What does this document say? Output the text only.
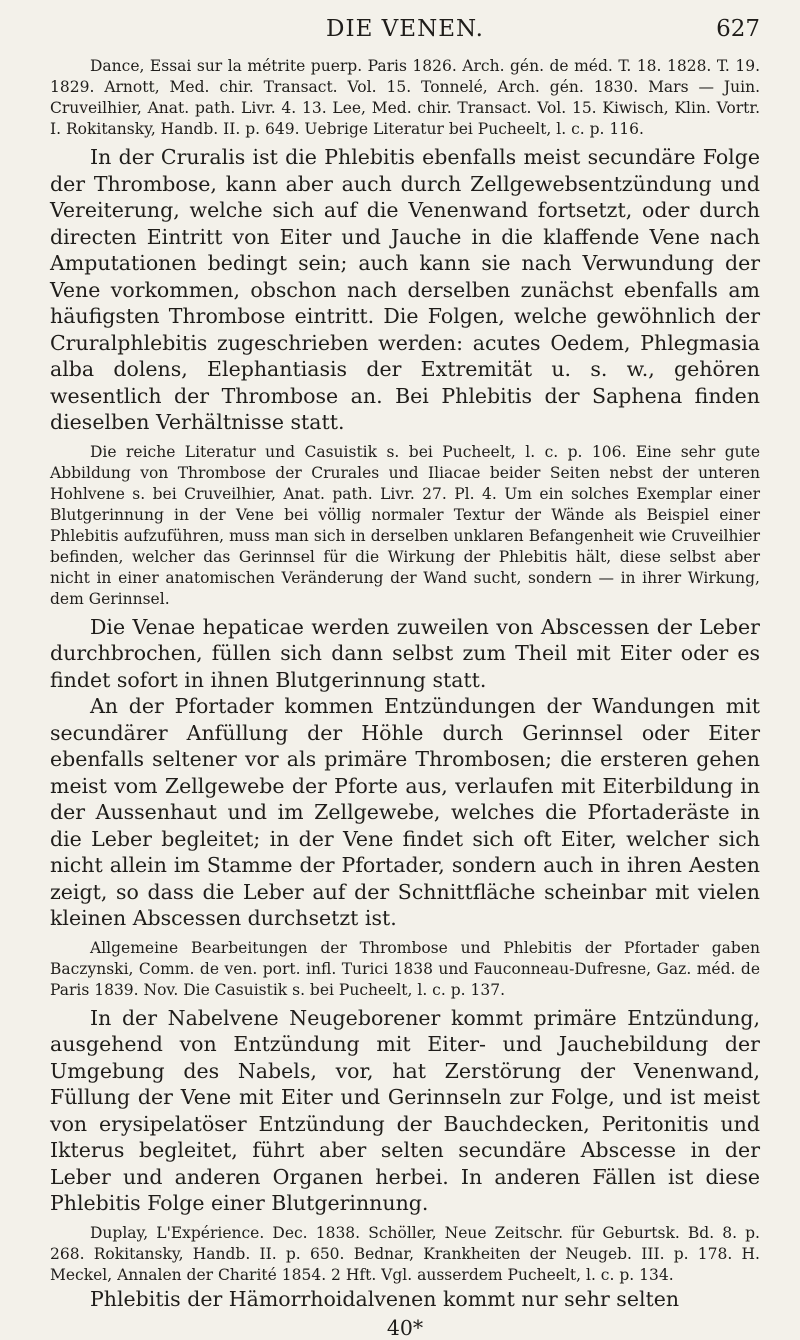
DIE VENEN.	627

Dance, Essai sur la métrite puerp. Paris 1826. Arch. gén. de méd. T. 18. 1828. T. 19. 1829. Arnott, Med. chir. Transact. Vol. 15. Tonnelé, Arch. gén. 1830. Mars — Juin. Cruveilhier, Anat. path. Livr. 4. 13. Lee, Med. chir. Transact. Vol. 15. Kiwisch, Klin. Vortr. I. Rokitansky, Handb. II. p. 649. Uebrige Literatur bei Pucheelt, l. c. p. 116.

In der Cruralis ist die Phlebitis ebenfalls meist secundäre Folge der Thrombose, kann aber auch durch Zellgewebsentzündung und Vereiterung, welche sich auf die Venenwand fortsetzt, oder durch directen Eintritt von Eiter und Jauche in die klaffende Vene nach Amputationen bedingt sein; auch kann sie nach Verwundung der Vene vorkommen, obschon nach derselben zunächst ebenfalls am häufigsten Thrombose eintritt. Die Folgen, welche gewöhnlich der Cruralphlebitis zugeschrieben werden: acutes Oedem, Phlegmasia alba dolens, Elephantiasis der Extremität u. s. w., gehören wesentlich der Thrombose an. Bei Phlebitis der Saphena finden dieselben Verhältnisse statt.

Die reiche Literatur und Casuistik s. bei Pucheelt, l. c. p. 106. Eine sehr gute Abbildung von Thrombose der Crurales und Iliacae beider Seiten nebst der unteren Hohlvene s. bei Cruveilhier, Anat. path. Livr. 27. Pl. 4. Um ein solches Exemplar einer Blutgerinnung in der Vene bei völlig normaler Textur der Wände als Beispiel einer Phlebitis aufzuführen, muss man sich in derselben unklaren Befangenheit wie Cruveilhier befinden, welcher das Gerinnsel für die Wirkung der Phlebitis hält, diese selbst aber nicht in einer anatomischen Veränderung der Wand sucht, sondern — in ihrer Wirkung, dem Gerinnsel.

Die Venae hepaticae werden zuweilen von Abscessen der Leber durchbrochen, füllen sich dann selbst zum Theil mit Eiter oder es findet sofort in ihnen Blutgerinnung statt.

An der Pfortader kommen Entzündungen der Wandungen mit secundärer Anfüllung der Höhle durch Gerinnsel oder Eiter ebenfalls seltener vor als primäre Thrombosen; die ersteren gehen meist vom Zellgewebe der Pforte aus, verlaufen mit Eiterbildung in der Aussenhaut und im Zellgewebe, welches die Pfortaderäste in die Leber begleitet; in der Vene findet sich oft Eiter, welcher sich nicht allein im Stamme der Pfortader, sondern auch in ihren Aesten zeigt, so dass die Leber auf der Schnittfläche scheinbar mit vielen kleinen Abscessen durchsetzt ist.

Allgemeine Bearbeitungen der Thrombose und Phlebitis der Pfortader gaben Baczynski, Comm. de ven. port. infl. Turici 1838 und Fauconneau-Dufresne, Gaz. méd. de Paris 1839. Nov. Die Casuistik s. bei Pucheelt, l. c. p. 137.

In der Nabelvene Neugeborener kommt primäre Entzündung, ausgehend von Entzündung mit Eiter- und Jauchebildung der Umgebung des Nabels, vor, hat Zerstörung der Venenwand, Füllung der Vene mit Eiter und Gerinnseln zur Folge, und ist meist von erysipelatöser Entzündung der Bauchdecken, Peritonitis und Ikterus begleitet, führt aber selten secundäre Abscesse in der Leber und anderen Organen herbei. In anderen Fällen ist diese Phlebitis Folge einer Blutgerinnung.

Duplay, L'Expérience. Dec. 1838. Schöller, Neue Zeitschr. für Geburtsk. Bd. 8. p. 268. Rokitansky, Handb. II. p. 650. Bednar, Krankheiten der Neugeb. III. p. 178. H. Meckel, Annalen der Charité 1854. 2 Hft. Vgl. ausserdem Pucheelt, l. c. p. 134.

Phlebitis der Hämorrhoidalvenen kommt nur sehr selten

40*
